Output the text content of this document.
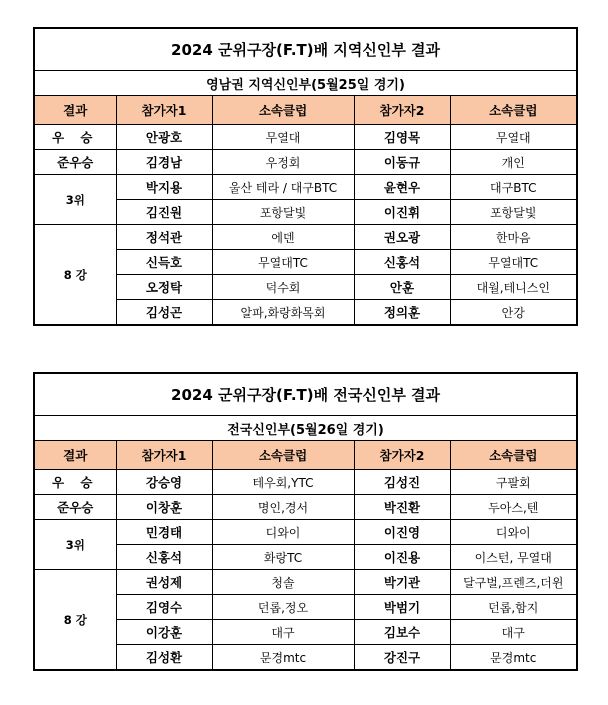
2024 군위구장(F.T)배 지역신인부 결과				
영남권 지역신인부(5월25일 경기)				
결과	참가자1	소속클럽	참가자2	소속클럽
우 승	안광호	무열대	김영목	무열대
준우승	김경남	우정회	이동규	개인
3위	박지용	울산 테라 / 대구BTC	윤현우	대구BTC
	김진원	포항달빛	이진휘	포항달빛
8 강	정석관	에덴	권오광	한마음
	신득호	무열대TC	신홍석	무열대TC
	오정탁	덕수회	안훈	대월,테니스인
	김성곤	알파,화랑화목회	정의훈	안강
2024 군위구장(F.T)배 전국신인부 결과				
전국신인부(5월26일 경기)				
결과	참가자1	소속클럽	참가자2	소속클럽
우 승	강승영	테우회,YTC	김성진	구팔회
준우승	이창훈	명인,경서	박진환	두아스,텐
3위	민경태	디와이	이진영	디와이
	신홍석	화랑TC	이진용	이스턴, 무열대
8 강	권성제	청솔	박기관	달구벌,프렌즈,더윈
	김영수	던롭,정오	박범기	던롭,함지
	이강훈	대구	김보수	대구
	김성환	문경mtc	강진구	문경mtc
